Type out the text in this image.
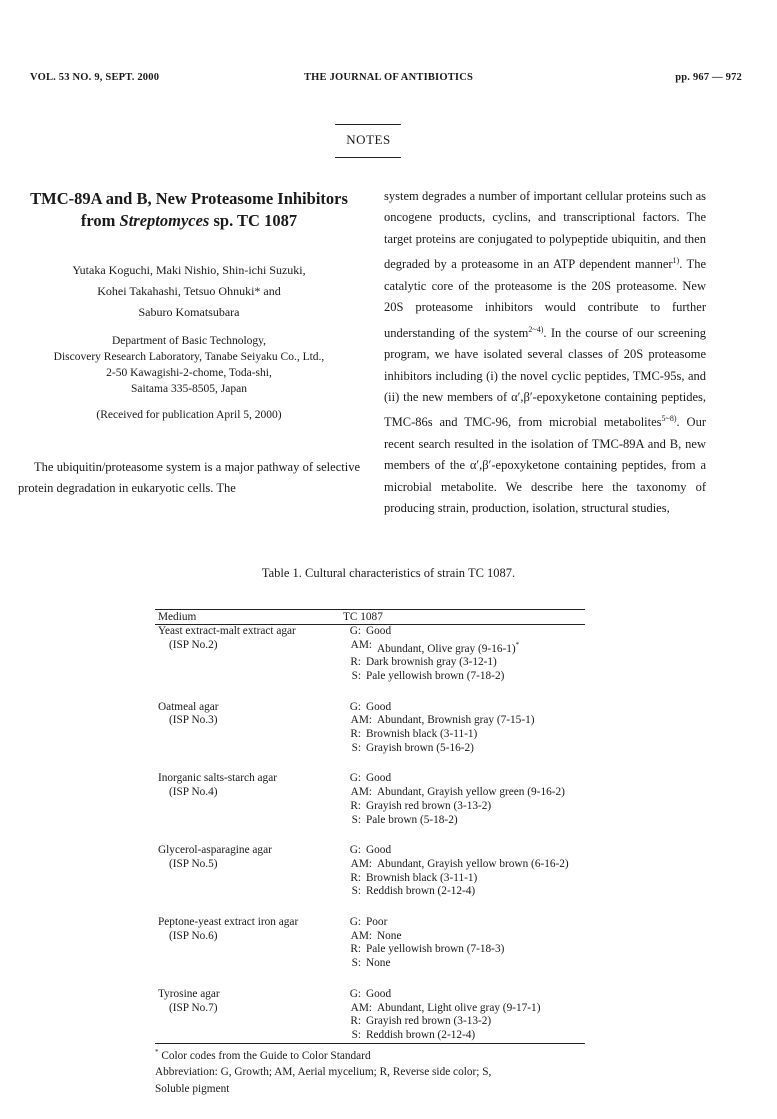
VOL. 53 NO. 9, SEPT. 2000	THE JOURNAL OF ANTIBIOTICS	pp. 967 — 972
NOTES

TMC-89A and B, New Proteasome Inhibitors
from Streptomyces sp. TC 1087

Yutaka Koguchi, Maki Nishio, Shin-ichi Suzuki,
Kohei Takahashi, Tetsuo Ohnuki* and
Saburo Komatsubara
Department of Basic Technology,
Discovery Research Laboratory, Tanabe Seiyaku Co., Ltd.,
2-50 Kawagishi-2-chome, Toda-shi,
Saitama 335-8505, Japan
(Received for publication April 5, 2000)
The ubiquitin/proteasome system is a major pathway of selective protein degradation in eukaryotic cells. The
system degrades a number of important cellular proteins such as oncogene products, cyclins, and transcriptional factors. The target proteins are conjugated to polypeptide ubiquitin, and then degraded by a proteasome in an ATP dependent manner$^{1)}$. The catalytic core of the proteasome is the 20S proteasome. New 20S proteasome inhibitors would contribute to further understanding of the system$^{2\sim 4)}$. In the course of our screening program, we have isolated several classes of 20S proteasome inhibitors including (i) the novel cyclic peptides, TMC-95s, and (ii) the new members of α′,β′-epoxyketone containing peptides, TMC-86s and TMC-96, from microbial metabolites$^{5\sim 8)}$. Our recent search resulted in the isolation of TMC-89A and B, new members of the α′,β′-epoxyketone containing peptides, from a microbial metabolite. We describe here the taxonomy of producing strain, production, isolation, structural studies,
Table 1. Cultural characteristics of strain TC 1087.
Medium	TC 1087
Yeast extract-malt extract agar	G: Good
(ISP No.2)	AM: Abundant, Olive gray (9-16-1)*
R: Dark brownish gray (3-12-1)
S: Pale yellowish brown (7-18-2)
Oatmeal agar	G: Good
(ISP No.3)	AM: Abundant, Brownish gray (7-15-1)
R: Brownish black (3-11-1)
S: Grayish brown (5-16-2)
Inorganic salts-starch agar	G: Good
(ISP No.4)	AM: Abundant, Grayish yellow green (9-16-2)
R: Grayish red brown (3-13-2)
S: Pale brown (5-18-2)
Glycerol-asparagine agar	G: Good
(ISP No.5)	AM: Abundant, Grayish yellow brown (6-16-2)
R: Brownish black (3-11-1)
S: Reddish brown (2-12-4)
Peptone-yeast extract iron agar	G: Poor
(ISP No.6)	AM: None
R: Pale yellowish brown (7-18-3)
S: None
Tyrosine agar	G: Good
(ISP No.7)	AM: Abundant, Light olive gray (9-17-1)
R: Grayish red brown (3-13-2)
S: Reddish brown (2-12-4)
* Color codes from the Guide to Color Standard
Abbreviation: G, Growth; AM, Aerial mycelium; R, Reverse side color; S,
Soluble pigment
